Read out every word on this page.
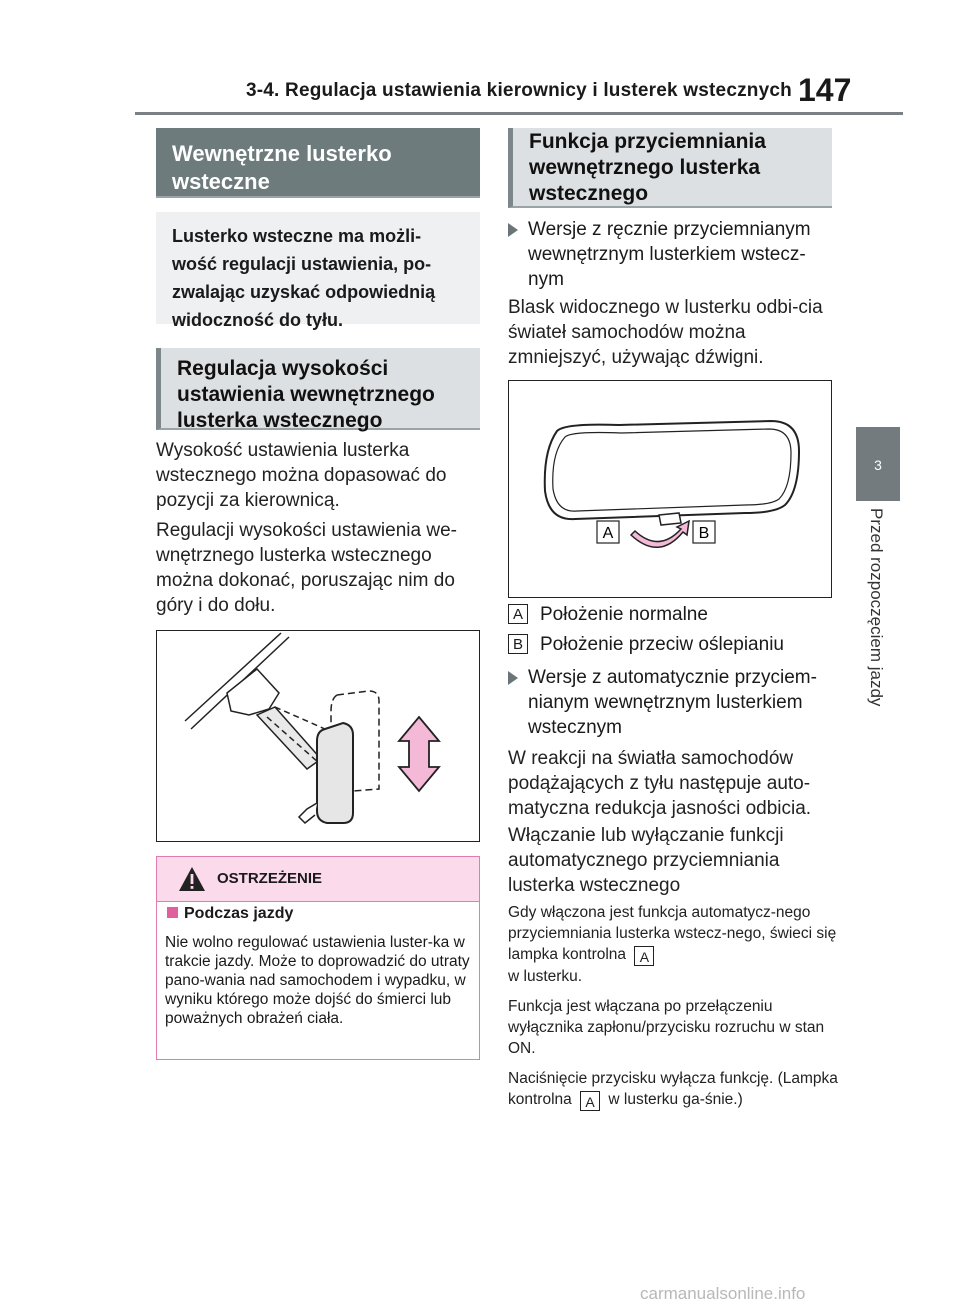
3-4. Regulacja ustawienia kierownicy i lusterek wstecznych 147
3
Przed rozpoczęciem jazdy
Wewnętrzne lusterko wsteczne
Lusterko wsteczne ma możli-wość regulacji ustawienia, po-zwalając uzyskać odpowiednią widoczność do tyłu.
Regulacja wysokości ustawienia wewnętrznego lusterka wstecznego

Wysokość ustawienia lusterka wstecznego można dopasować do pozycji za kierownicą.

Regulacji wysokości ustawienia we-wnętrznego lusterka wstecznego można dokonać, poruszając nim do góry i do dołu.

OSTRZEŻENIE
Podczas jazdy
Nie wolno regulować ustawienia luster-ka w trakcie jazdy. Może to doprowadzić do utraty pano-wania nad samochodem i wypadku, w wyniku którego może dojść do śmierci lub poważnych obrażeń ciała.
Funkcja przyciemniania wewnętrznego lusterka wstecznego
Wersje z ręcznie przyciemnianym wewnętrznym lusterkiem wstecz-nym

Blask widocznego w lusterku odbi-cia świateł samochodów można zmniejszyć, używając dźwigni.

A	B
A Położenie normalne
B Położenie przeciw oślepianiu
Wersje z automatycznie przyciem-nianym wewnętrznym lusterkiem wstecznym

W reakcji na światła samochodów podążających z tyłu następuje auto-matyczna redukcja jasności odbicia.

Włączanie lub wyłączanie funkcji automatycznego przyciemniania lusterka wstecznego

Gdy włączona jest funkcja automatycz-nego przyciemniania lusterka wstecz-nego, świeci się lampka kontrolna A
w lusterku.

Funkcja jest włączana po przełączeniu wyłącznika zapłonu/przycisku rozruchu w stan ON.

Naciśnięcie przycisku wyłącza funkcję. (Lampka kontrolna A w lusterku ga-śnie.)

carmanualsonline.info
